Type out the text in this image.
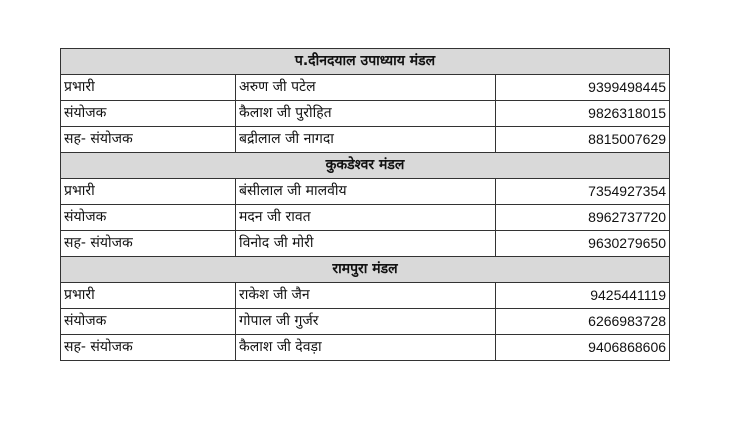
प.दीनदयाल उपाध्याय मंडल		
प्रभारी	अरुण जी पटेल	9399498445
संयोजक	कैलाश जी पुरोहित	9826318015
सह- संयोजक	बद्रीलाल जी नागदा	8815007629
कुकडेश्वर मंडल		
प्रभारी	बंसीलाल जी मालवीय	7354927354
संयोजक	मदन जी रावत	8962737720
सह- संयोजक	विनोद जी मोरी	9630279650
रामपुरा मंडल		
प्रभारी	राकेश जी जैन	9425441119
संयोजक	गोपाल जी गुर्जर	6266983728
सह- संयोजक	कैलाश जी देवड़ा	9406868606
